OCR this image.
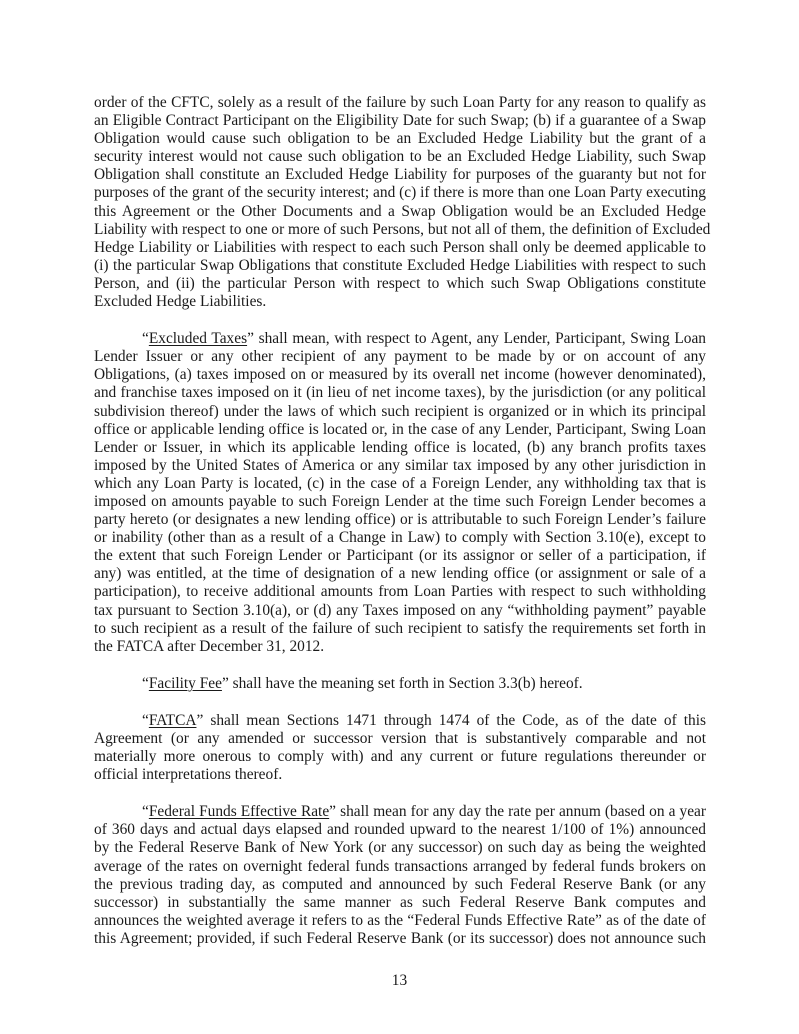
order of the CFTC, solely as a result of the failure by such Loan Party for any reason to qualify as
an Eligible Contract Participant on the Eligibility Date for such Swap; (b) if a guarantee of a Swap
Obligation would cause such obligation to be an Excluded Hedge Liability but the grant of a
security interest would not cause such obligation to be an Excluded Hedge Liability, such Swap
Obligation shall constitute an Excluded Hedge Liability for purposes of the guaranty but not for
purposes of the grant of the security interest; and (c) if there is more than one Loan Party executing
this Agreement or the Other Documents and a Swap Obligation would be an Excluded Hedge
Liability with respect to one or more of such Persons, but not all of them, the definition of Excluded
Hedge Liability or Liabilities with respect to each such Person shall only be deemed applicable to
(i) the particular Swap Obligations that constitute Excluded Hedge Liabilities with respect to such
Person, and (ii) the particular Person with respect to which such Swap Obligations constitute
Excluded Hedge Liabilities.

“Excluded Taxes” shall mean, with respect to Agent, any Lender, Participant, Swing Loan
Lender Issuer or any other recipient of any payment to be made by or on account of any
Obligations, (a) taxes imposed on or measured by its overall net income (however denominated),
and franchise taxes imposed on it (in lieu of net income taxes), by the jurisdiction (or any political
subdivision thereof) under the laws of which such recipient is organized or in which its principal
office or applicable lending office is located or, in the case of any Lender, Participant, Swing Loan
Lender or Issuer, in which its applicable lending office is located, (b) any branch profits taxes
imposed by the United States of America or any similar tax imposed by any other jurisdiction in
which any Loan Party is located, (c) in the case of a Foreign Lender, any withholding tax that is
imposed on amounts payable to such Foreign Lender at the time such Foreign Lender becomes a
party hereto (or designates a new lending office) or is attributable to such Foreign Lender’s failure
or inability (other than as a result of a Change in Law) to comply with Section 3.10(e), except to
the extent that such Foreign Lender or Participant (or its assignor or seller of a participation, if
any) was entitled, at the time of designation of a new lending office (or assignment or sale of a
participation), to receive additional amounts from Loan Parties with respect to such withholding
tax pursuant to Section 3.10(a), or (d) any Taxes imposed on any “withholding payment” payable
to such recipient as a result of the failure of such recipient to satisfy the requirements set forth in
the FATCA after December 31, 2012.

“Facility Fee” shall have the meaning set forth in Section 3.3(b) hereof.

“FATCA” shall mean Sections 1471 through 1474 of the Code, as of the date of this
Agreement (or any amended or successor version that is substantively comparable and not
materially more onerous to comply with) and any current or future regulations thereunder or
official interpretations thereof.

“Federal Funds Effective Rate” shall mean for any day the rate per annum (based on a year
of 360 days and actual days elapsed and rounded upward to the nearest 1/100 of 1%) announced
by the Federal Reserve Bank of New York (or any successor) on such day as being the weighted
average of the rates on overnight federal funds transactions arranged by federal funds brokers on
the previous trading day, as computed and announced by such Federal Reserve Bank (or any
successor) in substantially the same manner as such Federal Reserve Bank computes and
announces the weighted average it refers to as the “Federal Funds Effective Rate” as of the date of
this Agreement; provided, if such Federal Reserve Bank (or its successor) does not announce such

13
